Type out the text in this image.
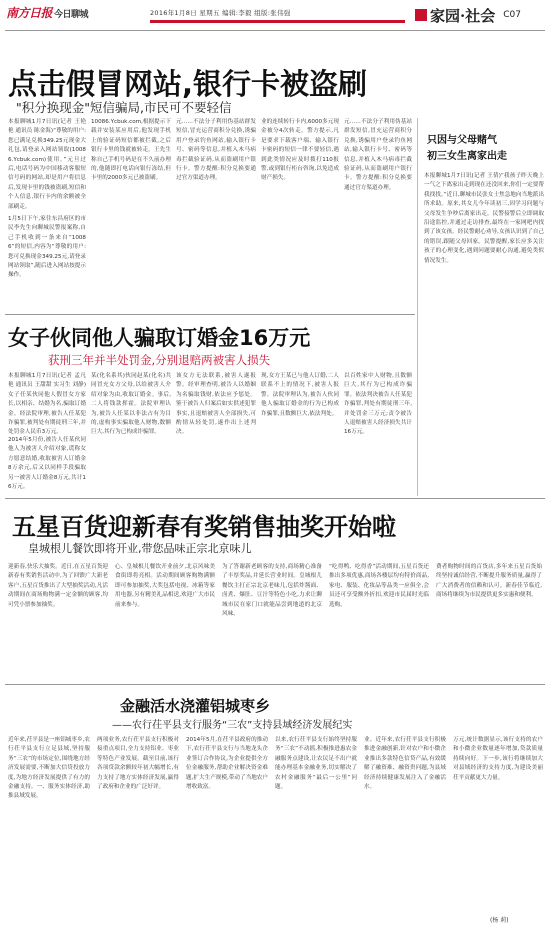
南方日报 今日聊城	2016年1月8日 星期五 编辑:李毅 组版:张伟强	家园·社会 C07
点击假冒网站,银行卡被盗刷
"积分换现金"短信骗局,市民可不要轻信
本报聊城1月7日讯(记者 王艳艳 通讯员 陈金海)“尊敬的用户:您已满足兑换349.25元现金大礼包,请登录入网站领取(10086.Ycbuk.com)使用。”元旦过后,电话号码为中国移动客服短信号码的网站,却是用户将信息后,发现卡里的钱被盗刷,短信和个人信息,银行卡内的余额被全部刷走。
1月5日下午,家住东昌府区的市民李先生向聊城民警报案称,自己手机收到一条来自“10086”的短信,内容为“尊敬的用户:您可兑换现金349.25元,请登录网站领取”,随后进入网站按提示操作。
10086.Ycbuk.com,根据提示下载并安装某应用后,他发现手机上的验证码短信都被拦截,之后银行卡里的钱就被转走。王先生称自己手机号码是在不久前办理的,他随即打电话向银行冻结,但卡里的2000多元已被盗刷。
元……不法分子利用伪基站群发短信,冒充运营商积分兑换,诱骗用户登录钓鱼网站,输入银行卡号、密码等信息,并植入木马病毒拦截验证码,从而盗刷用户银行卡。警方提醒:积分兑换要通过官方渠道办理。
业的连续转行卡内,6000多元现金被分4次转走。警方提示,凡是要求下载客户端、输入银行卡密码的短信一律不要轻信,遇到此类情况应及时拨打110报警,或到银行柜台咨询,以免造成财产损失。
元……不法分子利用伪基站群发短信,冒充运营商积分兑换,诱骗用户登录钓鱼网站,输入银行卡号、密码等信息,并植入木马病毒拦截验证码,从而盗刷用户银行卡。警方提醒:积分兑换要通过官方渠道办理。
只因与父母赌气
初三女生离家出走
本报聊城1月7日讯(记者 王倩)“我孩子昨天晚上一气之下离家出走到现在还没回来,你们一定要帮我找找。”近日,聊城市民张女士焦急地向当地派出所求助。原来,其女儿今年读初三,因学习问题与父母发生争吵后离家出走。民警接警后立即调取沿途监控,并通过走访排查,最终在一家网吧内找到了该女孩。经民警耐心劝导,女孩认识到了自己的错误,跟随父母回家。民警提醒,家长应多关注孩子的心理变化,遇到问题要耐心沟通,避免类似情况发生。
女子伙同他人骗取订婚金16万元
获刑三年并半处罚金,分别退赔两被害人损失
本报聊城1月7日讯(记者 孟凡艳 通讯员 王甜甜 实习生 刘静)女子任某伙同他人假冒女方家长,以相亲、结婚为名,骗取订婚金。经法院审理,被告人任某犯诈骗罪,被判处有期徒刑三年,并处罚金人民币3万元。
2014年5月份,被告人任某伙同他人为被害人介绍对象,谎称女方愿意结婚,收取被害人订婚金8万余元,后又以同样手段骗取另一被害人订婚金8万元,共计16万元。
某(化名系其)伙同赵某(化名)共同冒充女方父母,以给被害人介绍对象为由,收取订婚金。事后,二人将钱款挥霍。法院审理认为,被告人任某以非法占有为目的,虚构事实骗取他人财物,数额巨大,其行为已构成诈骗罪。
该女方无法联系,被害人遂报警。经审理查明,被告人以婚姻为名骗取钱财,依法应予惩处。鉴于被告人归案后如实供述犯罪事实,且退赔被害人全部损失,可酌情从轻处罚,遂作出上述判决。
现,女方王某已与他人订婚,二人联系不上的情况下,被害人报警。法院审理认为,被告人伙同他人骗取订婚金的行为已构成诈骗罪,且数额巨大,依法判处。
以百姓家中人财物,且数额巨大,其行为已构成诈骗罪。依法判决被告人任某犯诈骗罪,判处有期徒刑三年,并处罚金三万元;责令被告人退赔被害人经济损失共计16万元。
五星百货迎新春有奖销售抽奖开始啦
皇城根儿餐饮即将开业,带您品味正宗北京味儿
迎新春,快乐大抽奖。近日,在五星百货迎新春有奖销售活动中,为了回馈广大新老客户,五星百货推出了大型抽奖活动,凡活动期间在商场购物满一定金额的顾客,均可凭小票参加抽奖。
心、皇城根儿餐饮开业前夕,北京风味美食街即将亮相。活动期间顾客购物满额即可参加抽奖,大奖包括电视、冰箱等家用电器,另有精美礼品相送,欢迎广大市民前来参与。
为了答谢新老顾客的支持,商场精心准备了丰厚奖品,并延长营业时间。皇城根儿餐饮主打正宗北京老味儿,包括炸酱面、卤煮、爆肚、豆汁等特色小吃,力求让聊城市民在家门口就能品尝到地道的北京风味。
“吃得鸭、吃得香”活动期间,五星百货还推出多项优惠,商场各楼层均有特价商品,家电、服装、化妆品等品类一应俱全,会员还可享受额外折扣,欢迎市民届时光临选购。
费者购物时间的百货店,多年来五星百货始终坚持诚信经营,不断提升服务质量,赢得了广大消费者的信赖和认可。新春佳节临近,商场将继续为市民提供更多实惠和便利。
金融活水浇灌铝城枣乡
——农行茌平县支行服务“三农”支持县域经济发展纪实
近年来,茌平县是一座铝城枣乡,农行茌平县支行立足县域,坚持服务“三农”的市场定位,围绕地方经济发展需要,不断加大信贷投放力度,为地方经济发展提供了有力的金融支持。一、服务实体经济,助推县域发展。
两项业务,农行茌平县支行积极对接重点项目,全力支持铝业、枣业等特色产业发展。截至目前,该行各项贷款余额较年初大幅增长,有力支持了地方实体经济发展,赢得了政府和企业的广泛好评。
2014年5月,在茌平县政府的推动下,农行茌平县支行与当地龙头企业签订合作协议,为企业提供全方位金融服务,帮助企业解决资金难题,扩大生产规模,带动了当地农户增收致富。
以来,农行茌平县支行始终坚持服务“三农”不动摇,积极推进惠农金融服务点建设,让农民足不出户就能办理基本金融业务,切实解决了农村金融服务“最后一公里”问题。
业。近年来,农行茌平县支行积极推进金融创新,针对农户和小微企业推出多款特色信贷产品,有效缓解了融资难、融资贵问题,为县域经济持续健康发展注入了金融活水。
万元,统计数据显示,该行支持的农户和小微企业数量逐年增加,贷款质量持续向好。下一步,该行将继续加大对县域经济的支持力度,为建设美丽茌平贡献更大力量。
(杨 莉)
